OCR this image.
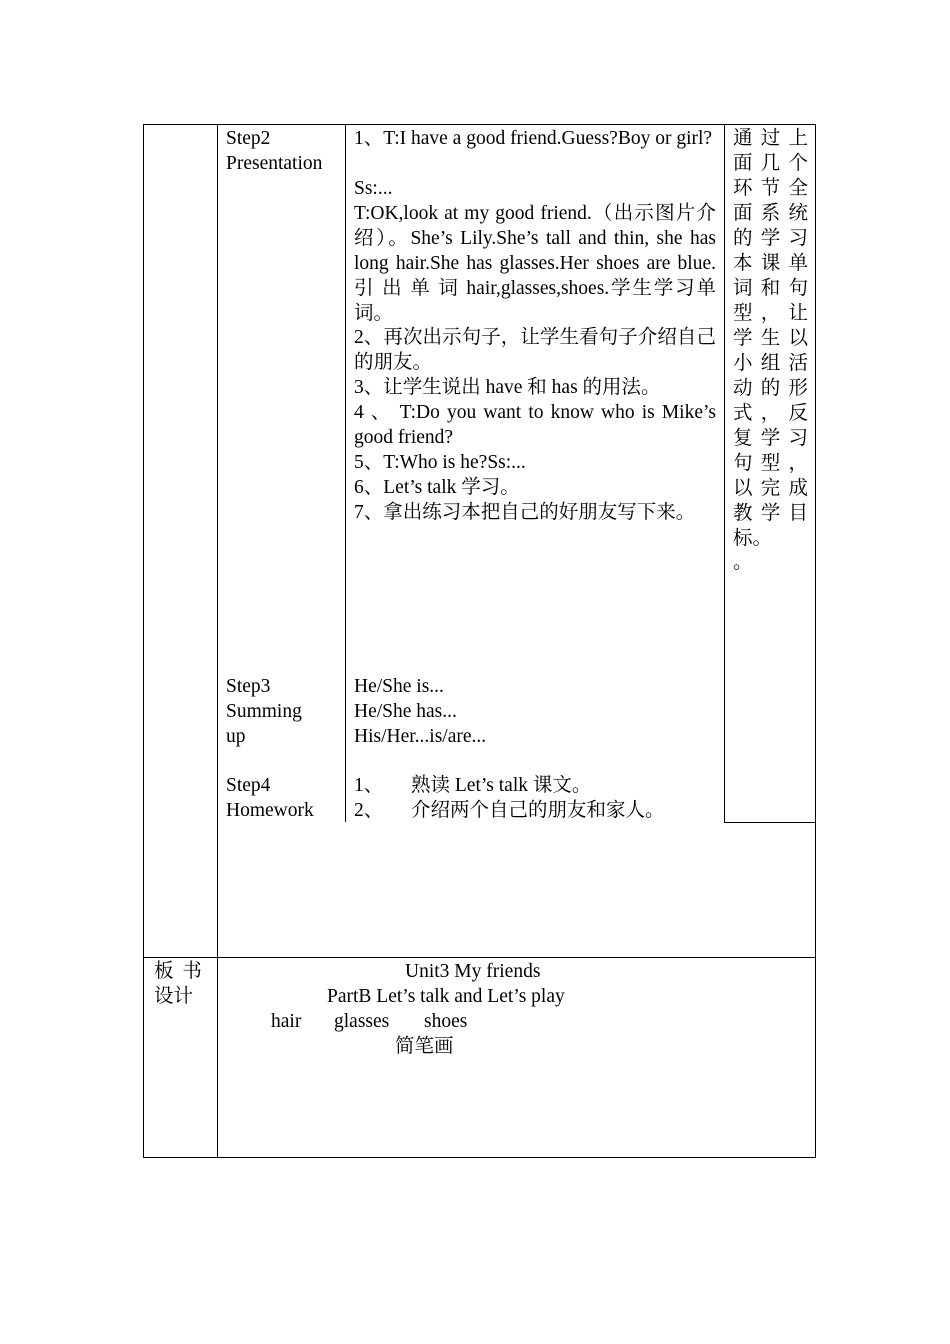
Step2
Presentation
1、T:I have a good friend.Guess?Boy or girl?
Ss:...
T:OK,look at my good friend.（出示图片介绍）。She’s Lily.She’s tall and thin, she has long hair.She has glasses.Her shoes are blue. 引 出 单 词 hair,glasses,shoes.学生学习单词。
2、再次出示句子，让学生看句子介绍自己的朋友。
3、让学生说出 have 和 has 的用法。
4 、 T:Do you want to know who is Mike’s good friend?
5、T:Who is he?Ss:...
6、Let’s talk 学习。
7、拿出练习本把自己的好朋友写下来。
通过上面几个环节全面系统的学习本课单词和句型，让学生以小组活动的形式，反复学习句型，以完成教学目标。
。
Step3
Summing
up
He/She is...
He/She has...
His/Her...is/are...
Step4
Homework
1、 熟读 Let’s talk 课文。
2、 介绍两个自己的朋友和家人。
板 书
设计
Unit3 My friends
PartB Let’s talk and Let’s play
hair glasses shoes
简笔画
